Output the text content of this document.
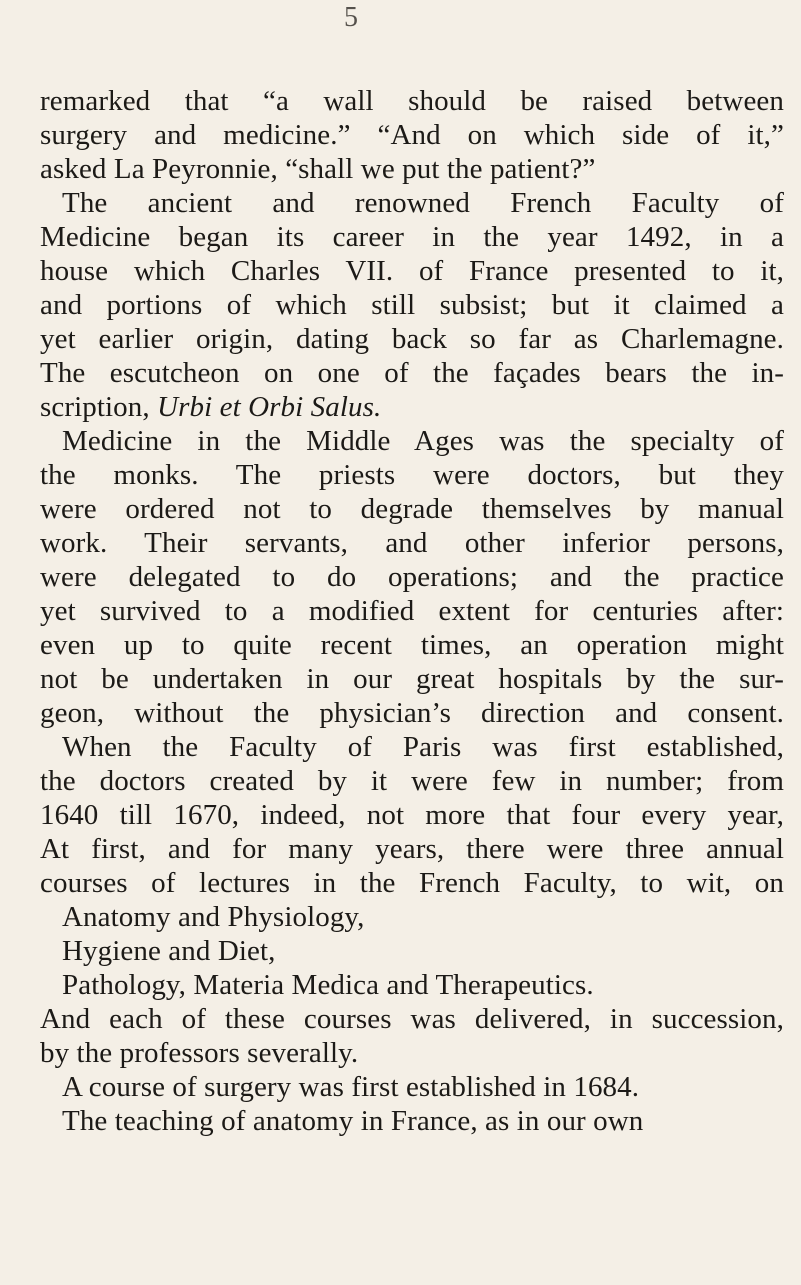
5
remarked that “a wall should be raised between
surgery and medicine.” “And on which side of it,”
asked La Peyronnie, “shall we put the patient?”
The ancient and renowned French Faculty of
Medicine began its career in the year 1492, in a
house which Charles VII. of France presented to it,
and portions of which still subsist; but it claimed a
yet earlier origin, dating back so far as Charlemagne.
The escutcheon on one of the façades bears the in-
scription, Urbi et Orbi Salus.
Medicine in the Middle Ages was the specialty of
the monks. The priests were doctors, but they
were ordered not to degrade themselves by manual
work. Their servants, and other inferior persons,
were delegated to do operations; and the practice
yet survived to a modified extent for centuries after:
even up to quite recent times, an operation might
not be undertaken in our great hospitals by the sur-
geon, without the physician’s direction and consent.
When the Faculty of Paris was first established,
the doctors created by it were few in number; from
1640 till 1670, indeed, not more that four every year,
At first, and for many years, there were three annual
courses of lectures in the French Faculty, to wit, on
Anatomy and Physiology,
Hygiene and Diet,
Pathology, Materia Medica and Therapeutics.
And each of these courses was delivered, in succession,
by the professors severally.
A course of surgery was first established in 1684.
The teaching of anatomy in France, as in our own
